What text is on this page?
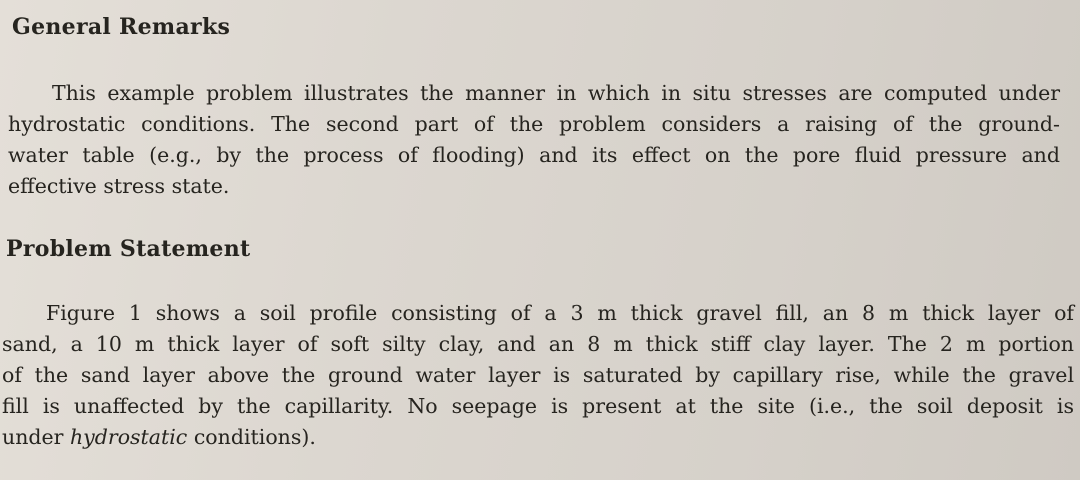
General Remarks
This example problem illustrates the manner in which in situ stresses are computed under
hydrostatic conditions. The second part of the problem considers a raising of the ground-
water table (e.g., by the process of flooding) and its effect on the pore fluid pressure and
effective stress state.
Problem Statement
Figure 1 shows a soil profile consisting of a 3 m thick gravel fill, an 8 m thick layer of
sand, a 10 m thick layer of soft silty clay, and an 8 m thick stiff clay layer. The 2 m portion
of the sand layer above the ground water layer is saturated by capillary rise, while the gravel
fill is unaffected by the capillarity. No seepage is present at the site (i.e., the soil deposit is
under hydrostatic conditions).
